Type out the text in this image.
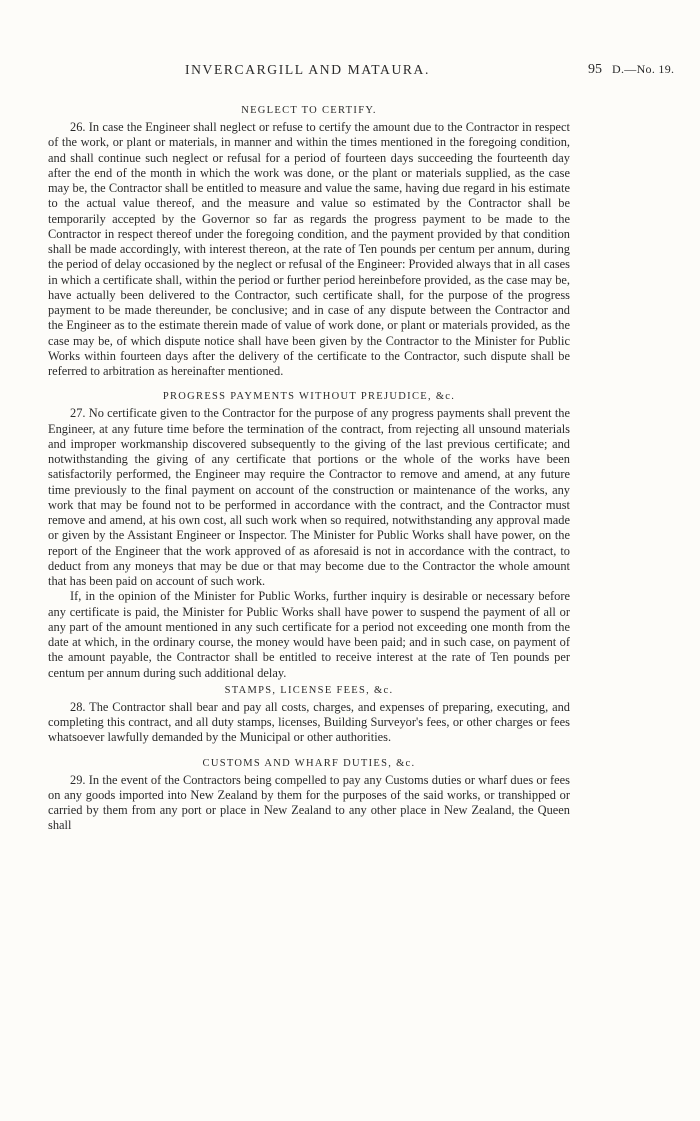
INVERCARGILL AND MATAURA.	95 D.—No. 19.
NEGLECT TO CERTIFY.

26. In case the Engineer shall neglect or refuse to certify the amount due to the Contractor in respect of the work, or plant or materials, in manner and within the times mentioned in the foregoing condition, and shall continue such neglect or refusal for a period of fourteen days succeeding the fourteenth day after the end of the month in which the work was done, or the plant or materials supplied, as the case may be, the Contractor shall be entitled to measure and value the same, having due regard in his estimate to the actual value thereof, and the measure and value so estimated by the Contractor shall be temporarily accepted by the Governor so far as regards the progress payment to be made to the Contractor in respect thereof under the foregoing condition, and the payment provided by that condition shall be made accordingly, with interest thereon, at the rate of Ten pounds per centum per annum, during the period of delay occasioned by the neglect or refusal of the Engineer: Provided always that in all cases in which a certificate shall, within the period or further period hereinbefore provided, as the case may be, have actually been delivered to the Contractor, such certificate shall, for the purpose of the progress payment to be made thereunder, be conclusive; and in case of any dispute between the Contractor and the Engineer as to the estimate therein made of value of work done, or plant or materials provided, as the case may be, of which dispute notice shall have been given by the Contractor to the Minister for Public Works within fourteen days after the delivery of the certificate to the Contractor, such dispute shall be referred to arbitration as hereinafter mentioned.

PROGRESS PAYMENTS WITHOUT PREJUDICE, &c.

27. No certificate given to the Contractor for the purpose of any progress payments shall prevent the Engineer, at any future time before the termination of the contract, from rejecting all unsound materials and improper workmanship discovered subsequently to the giving of the last previous certificate; and notwithstanding the giving of any certificate that portions or the whole of the works have been satisfactorily performed, the Engineer may require the Contractor to remove and amend, at any future time previously to the final payment on account of the construction or maintenance of the works, any work that may be found not to be performed in accordance with the contract, and the Contractor must remove and amend, at his own cost, all such work when so required, notwithstanding any approval made or given by the Assistant Engineer or Inspector. The Minister for Public Works shall have power, on the report of the Engineer that the work approved of as aforesaid is not in accordance with the contract, to deduct from any moneys that may be due or that may become due to the Contractor the whole amount that has been paid on account of such work.

If, in the opinion of the Minister for Public Works, further inquiry is desirable or necessary before any certificate is paid, the Minister for Public Works shall have power to suspend the payment of all or any part of the amount mentioned in any such certificate for a period not exceeding one month from the date at which, in the ordinary course, the money would have been paid; and in such case, on payment of the amount payable, the Contractor shall be entitled to receive interest at the rate of Ten pounds per centum per annum during such additional delay.

STAMPS, LICENSE FEES, &c.

28. The Contractor shall bear and pay all costs, charges, and expenses of preparing, executing, and completing this contract, and all duty stamps, licenses, Building Surveyor's fees, or other charges or fees whatsoever lawfully demanded by the Municipal or other authorities.

CUSTOMS AND WHARF DUTIES, &c.

29. In the event of the Contractors being compelled to pay any Customs duties or wharf dues or fees on any goods imported into New Zealand by them for the purposes of the said works, or transhipped or carried by them from any port or place in New Zealand to any other place in New Zealand, the Queen shall
